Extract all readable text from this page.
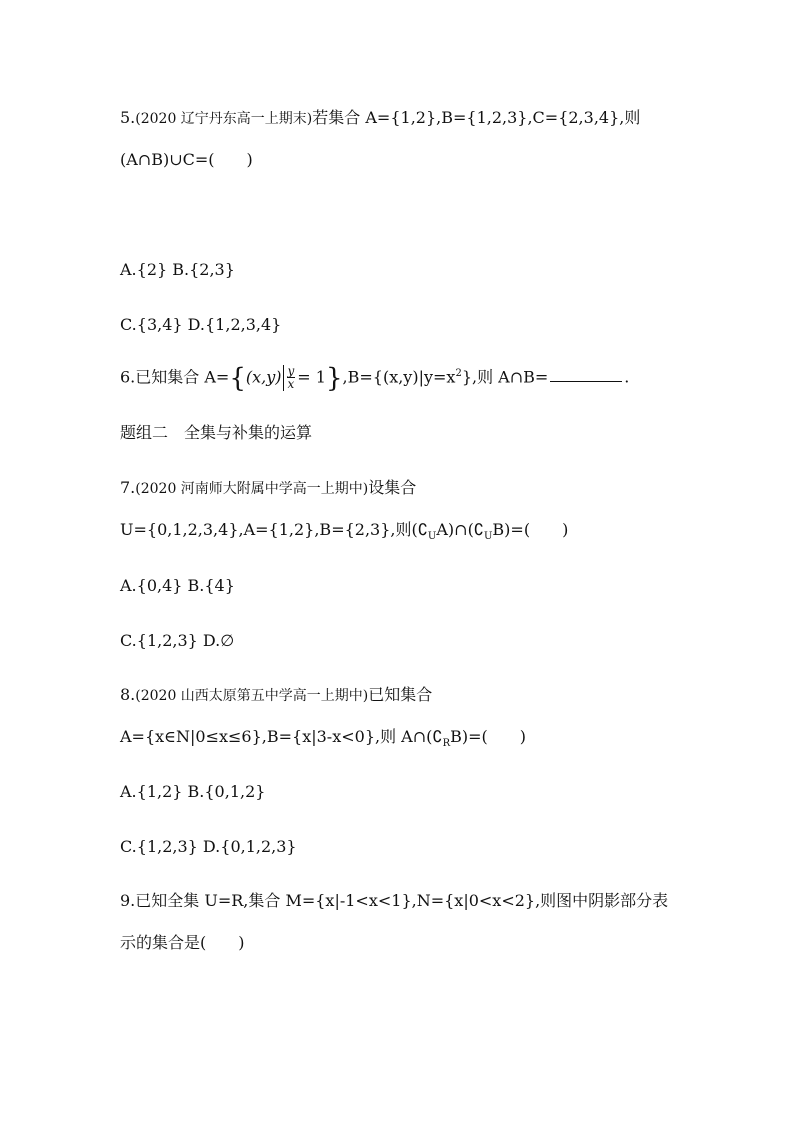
5.(2020 辽宁丹东高一上期末)若集合 A={1,2},B={1,2,3},C={2,3,4},则
(A∩B)∪C=(　　)
A.{2} B.{2,3}
C.{3,4} D.{1,2,3,4}
6.已知集合 $A=\{(x,y) \frac{y}{x} = 1\},B=\{(x,y)|y=x^2\}$,则 A∩B=	.
题组二　全集与补集的运算
7.(2020 河南师大附属中学高一上期中)设集合
U={0,1,2,3,4},A={1,2},B={2,3},则$(∁_UA)\cap(∁_UB)=$(　　)
A.{0,4} B.{4}
C.{1,2,3} D.∅
8.(2020 山西太原第五中学高一上期中)已知集合
A={x∈N|0≤x≤6},B={x|3-x<0},则 $A\cap(∁_RB)=$(　　)
A.{1,2} B.{0,1,2}
C.{1,2,3} D.{0,1,2,3}
9.已知全集 U=R,集合 M={x|-1<x<1},N={x|0<x<2},则图中阴影部分表
示的集合是(　　)
